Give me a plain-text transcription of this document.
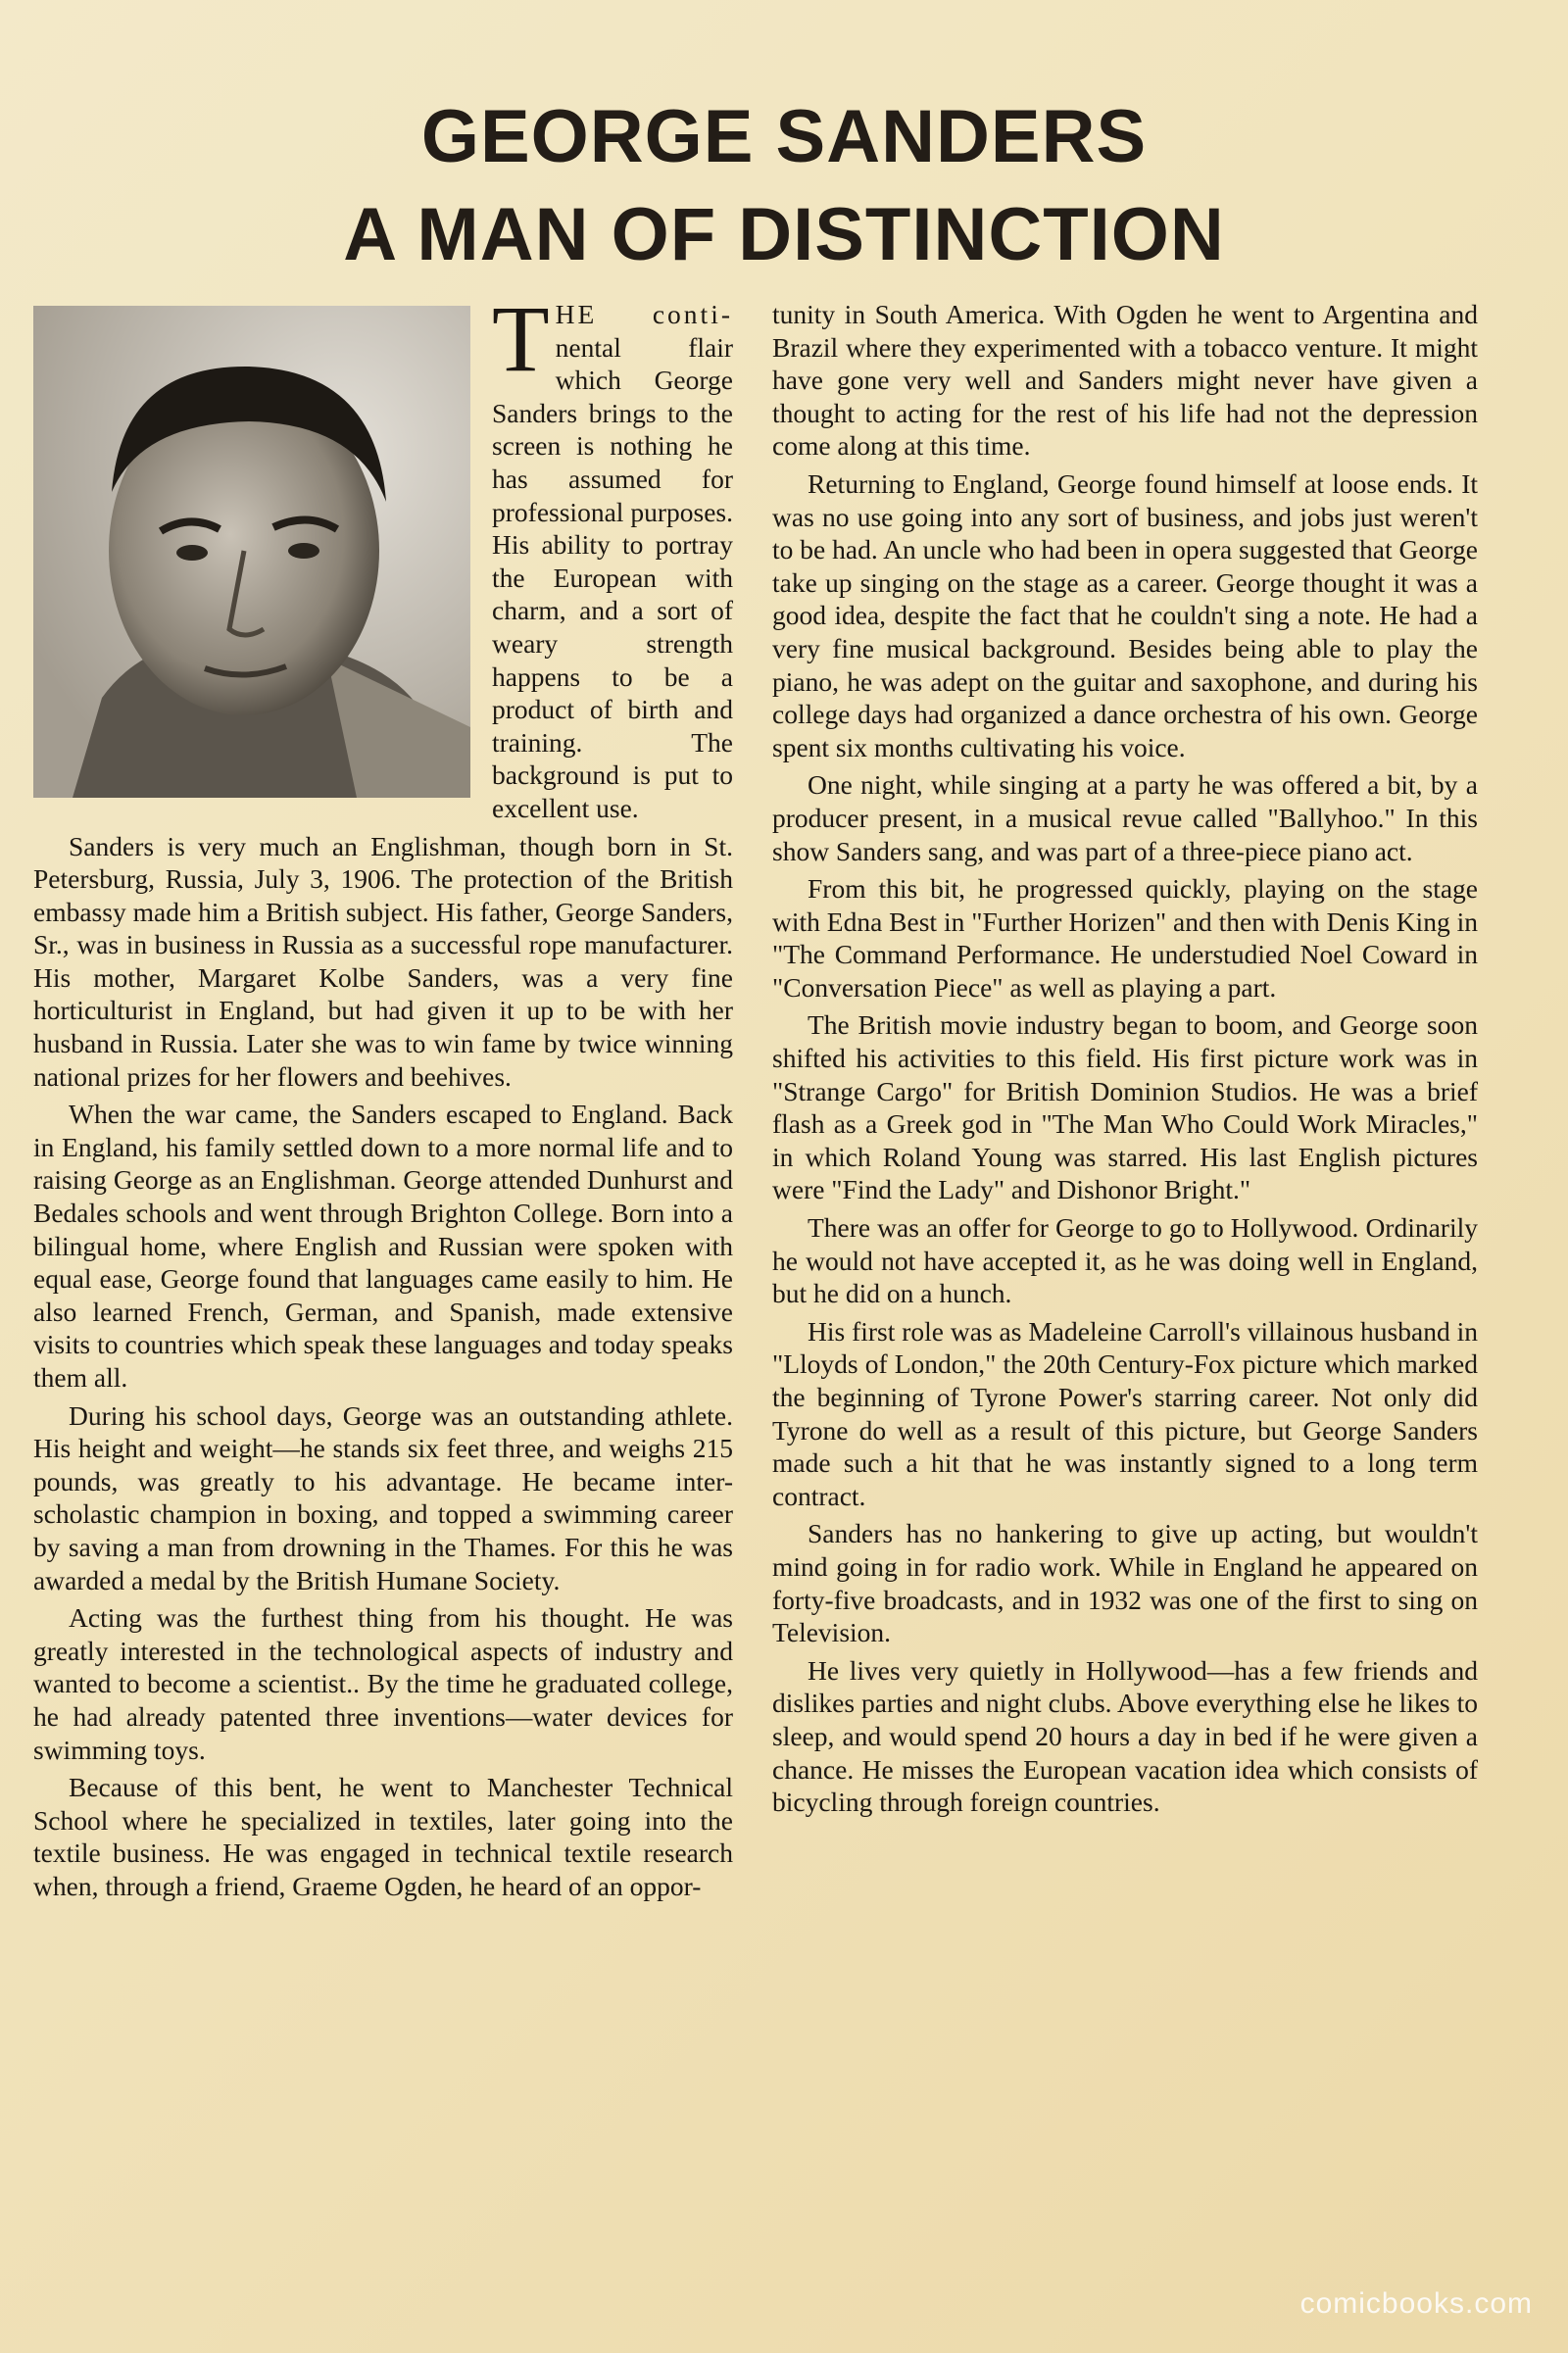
GEORGE SANDERS
A MAN OF DISTINCTION

T HE conti- nental flair which George Sanders brings to the screen is nothing he has assumed for professional purposes. His ability to portray the European with charm, and a sort of weary strength happens to be a product of birth and training. The background is put to excellent use.

Sanders is very much an Englishman, though born in St. Petersburg, Russia, July 3, 1906. The protection of the British embassy made him a British subject. His father, George Sanders, Sr., was in business in Russia as a successful rope manufacturer. His mother, Margaret Kolbe Sanders, was a very fine horticulturist in England, but had given it up to be with her husband in Russia. Later she was to win fame by twice winning national prizes for her flowers and beehives.

When the war came, the Sanders escaped to England. Back in England, his family settled down to a more normal life and to raising George as an Englishman. George attended Dunhurst and Bedales schools and went through Brighton College. Born into a bilingual home, where English and Russian were spoken with equal ease, George found that languages came easily to him. He also learned French, German, and Spanish, made extensive visits to countries which speak these languages and today speaks them all.

During his school days, George was an outstanding athlete. His height and weight—he stands six feet three, and weighs 215 pounds, was greatly to his advantage. He became inter-scholastic champion in boxing, and topped a swimming career by saving a man from drowning in the Thames. For this he was awarded a medal by the British Humane Society.

Acting was the furthest thing from his thought. He was greatly interested in the technological aspects of industry and wanted to become a scientist.. By the time he graduated college, he had already patented three inventions—water devices for swimming toys.

Because of this bent, he went to Manchester Technical School where he specialized in textiles, later going into the textile business. He was engaged in technical textile research when, through a friend, Graeme Ogden, he heard of an oppor-

tunity in South America. With Ogden he went to Argentina and Brazil where they experimented with a tobacco venture. It might have gone very well and Sanders might never have given a thought to acting for the rest of his life had not the depression come along at this time.

Returning to England, George found himself at loose ends. It was no use going into any sort of business, and jobs just weren't to be had. An uncle who had been in opera suggested that George take up singing on the stage as a career. George thought it was a good idea, despite the fact that he couldn't sing a note. He had a very fine musical background. Besides being able to play the piano, he was adept on the guitar and saxophone, and during his college days had organized a dance orchestra of his own. George spent six months cultivating his voice.

One night, while singing at a party he was offered a bit, by a producer present, in a musical revue called "Ballyhoo." In this show Sanders sang, and was part of a three-piece piano act.

From this bit, he progressed quickly, playing on the stage with Edna Best in "Further Horizen" and then with Denis King in "The Command Performance. He understudied Noel Coward in "Conversation Piece" as well as playing a part.

The British movie industry began to boom, and George soon shifted his activities to this field. His first picture work was in "Strange Cargo" for British Dominion Studios. He was a brief flash as a Greek god in "The Man Who Could Work Miracles," in which Roland Young was starred. His last English pictures were "Find the Lady" and Dishonor Bright."

There was an offer for George to go to Hollywood. Ordinarily he would not have accepted it, as he was doing well in England, but he did on a hunch.

His first role was as Madeleine Carroll's villainous husband in "Lloyds of London," the 20th Century-Fox picture which marked the beginning of Tyrone Power's starring career. Not only did Tyrone do well as a result of this picture, but George Sanders made such a hit that he was instantly signed to a long term contract.

Sanders has no hankering to give up acting, but wouldn't mind going in for radio work. While in England he appeared on forty-five broadcasts, and in 1932 was one of the first to sing on Television.

He lives very quietly in Hollywood—has a few friends and dislikes parties and night clubs. Above everything else he likes to sleep, and would spend 20 hours a day in bed if he were given a chance. He misses the European vacation idea which consists of bicycling through foreign countries.

comicbooks.com
